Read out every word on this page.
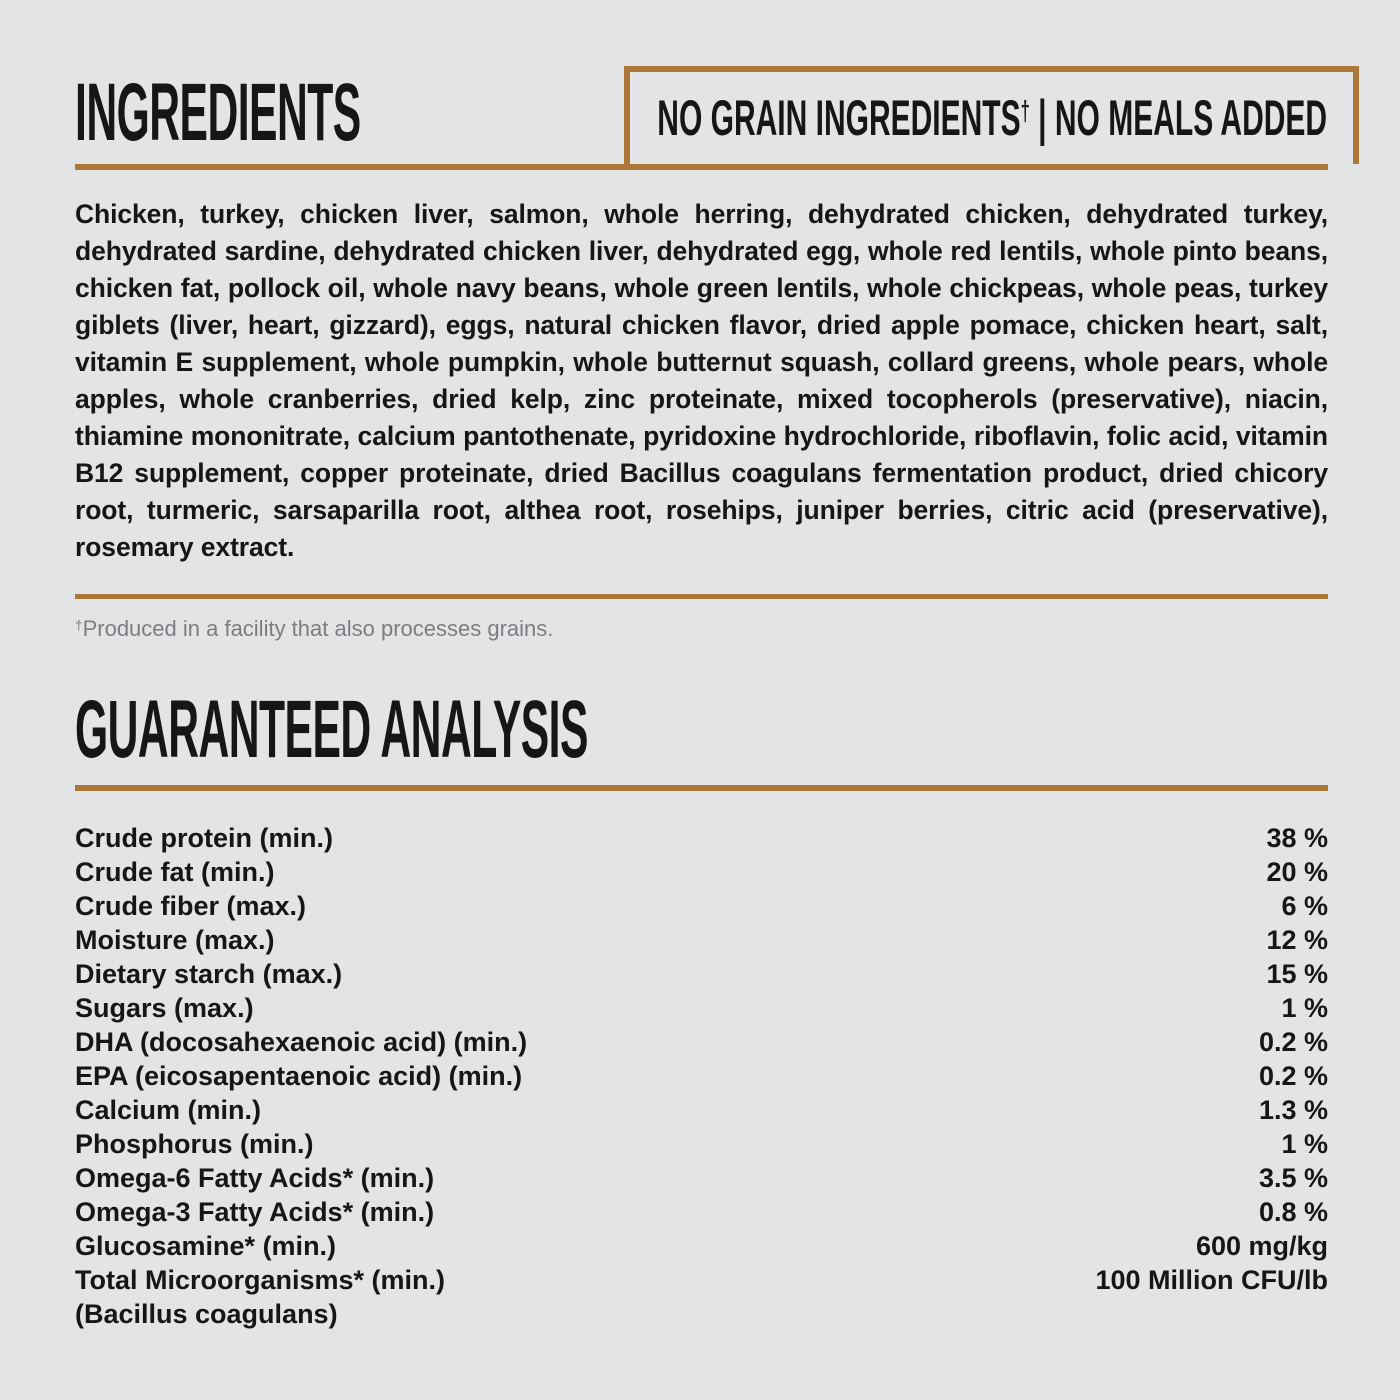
INGREDIENTS	NO GRAIN INGREDIENTS† | NO MEALS ADDED

Chicken, turkey, chicken liver, salmon, whole herring, dehydrated chicken, dehydrated turkey, dehydrated sardine, dehydrated chicken liver, dehydrated egg, whole red lentils, whole pinto beans, chicken fat, pollock oil, whole navy beans, whole green lentils, whole chickpeas, whole peas, turkey giblets (liver, heart, gizzard), eggs, natural chicken flavor, dried apple pomace, chicken heart, salt, vitamin E supplement, whole pumpkin, whole butternut squash, collard greens, whole pears, whole apples, whole cranberries, dried kelp, zinc proteinate, mixed tocopherols (preservative), niacin, thiamine mononitrate, calcium pantothenate, pyridoxine hydrochloride, riboflavin, folic acid, vitamin B12 supplement, copper proteinate, dried Bacillus coagulans fermentation product, dried chicory root, turmeric, sarsaparilla root, althea root, rosehips, juniper berries, citric acid (preservative), rosemary extract.

†Produced in a facility that also processes grains.
GUARANTEED ANALYSIS
Crude protein (min.)	38 %
Crude fat (min.)	20 %
Crude fiber (max.)	6 %
Moisture (max.)	12 %
Dietary starch (max.)	15 %
Sugars (max.)	1 %
DHA (docosahexaenoic acid) (min.)	0.2 %
EPA (eicosapentaenoic acid) (min.)	0.2 %
Calcium (min.)	1.3 %
Phosphorus (min.)	1 %
Omega-6 Fatty Acids* (min.)	3.5 %
Omega-3 Fatty Acids* (min.)	0.8 %
Glucosamine* (min.)	600 mg/kg
Total Microorganisms* (min.)	100 Million CFU/lb
(Bacillus coagulans)
